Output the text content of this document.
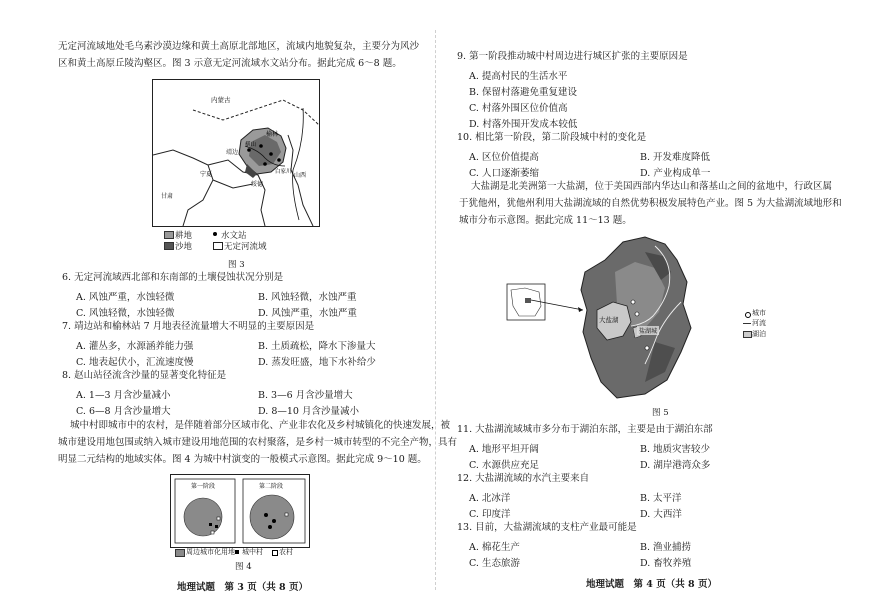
无定河流域地处毛乌素沙漠边缘和黄土高原北部地区，流域内地貌复杂，主要分为风沙
区和黄土高原丘陵沟壑区。图 3 示意无定河流域水文站分布。据此完成 6～8 题。
内蒙古
靖边
榆林
横山
宁夏
甘肃
绥德
山西
白家川
耕地	水文站
沙地	无定河流域
图 3
6. 无定河流域西北部和东南部的土壤侵蚀状况分别是
A. 风蚀严重，水蚀轻微	B. 风蚀轻微，水蚀严重
C. 风蚀轻微，水蚀轻微	D. 风蚀严重，水蚀严重
7. 靖边站和榆林站 7 月地表径流量增大不明显的主要原因是
A. 灌丛多，水源涵养能力强	B. 土质疏松，降水下渗量大
C. 地表起伏小，汇流速度慢	D. 蒸发旺盛，地下水补给少
8. 赵山站径流含沙量的显著变化特征是
A. 1—3 月含沙量减小	B. 3—6 月含沙量增大
C. 6—8 月含沙量增大	D. 8—10 月含沙量减小
城中村即城市中的农村，是伴随着部分区域市化、产业非农化及乡村城镇化的快速发展，被
城市建设用地包围或纳入城市建设用地范围的农村聚落，是乡村一城市转型的不完全产物，具有
明显二元结构的地域实体。图 4 为城中村演变的一般模式示意图。据此完成 9～10 题。
第一阶段	第二阶段
周边城市化用地 城中村 农村
图 4
地理试题　第 3 页（共 8 页）
9. 第一阶段推动城中村周边进行城区扩张的主要原因是
A. 提高村民的生活水平
B. 保留村落避免重复建设
C. 村落外围区位价值高
D. 村落外围开发成本较低
10. 相比第一阶段，第二阶段城中村的变化是
A. 区位价值提高	B. 开发难度降低
C. 人口逐渐萎缩	D. 产业构成单一
大盐湖是北美洲第一大盐湖，位于美国西部内华达山和落基山之间的盆地中，行政区属
于犹他州，犹他州利用大盐湖流域的自然优势积极发展特色产业。图 5 为大盐湖流域地形和
城市分布示意图。据此完成 11～13 题。
大盐湖
盐湖城
城市
河流
湖泊
图 5
11. 大盐湖流域城市多分布于湖泊东部，主要是由于湖泊东部
A. 地形平坦开阔	B. 地质灾害较少
C. 水源供应充足	D. 湖岸港湾众多
12. 大盐湖流域的水汽主要来自
A. 北冰洋	B. 太平洋
C. 印度洋	D. 大西洋
13. 目前，大盐湖流域的支柱产业最可能是
A. 棉花生产	B. 渔业捕捞
C. 生态旅游	D. 畜牧养殖
地理试题　第 4 页（共 8 页）
